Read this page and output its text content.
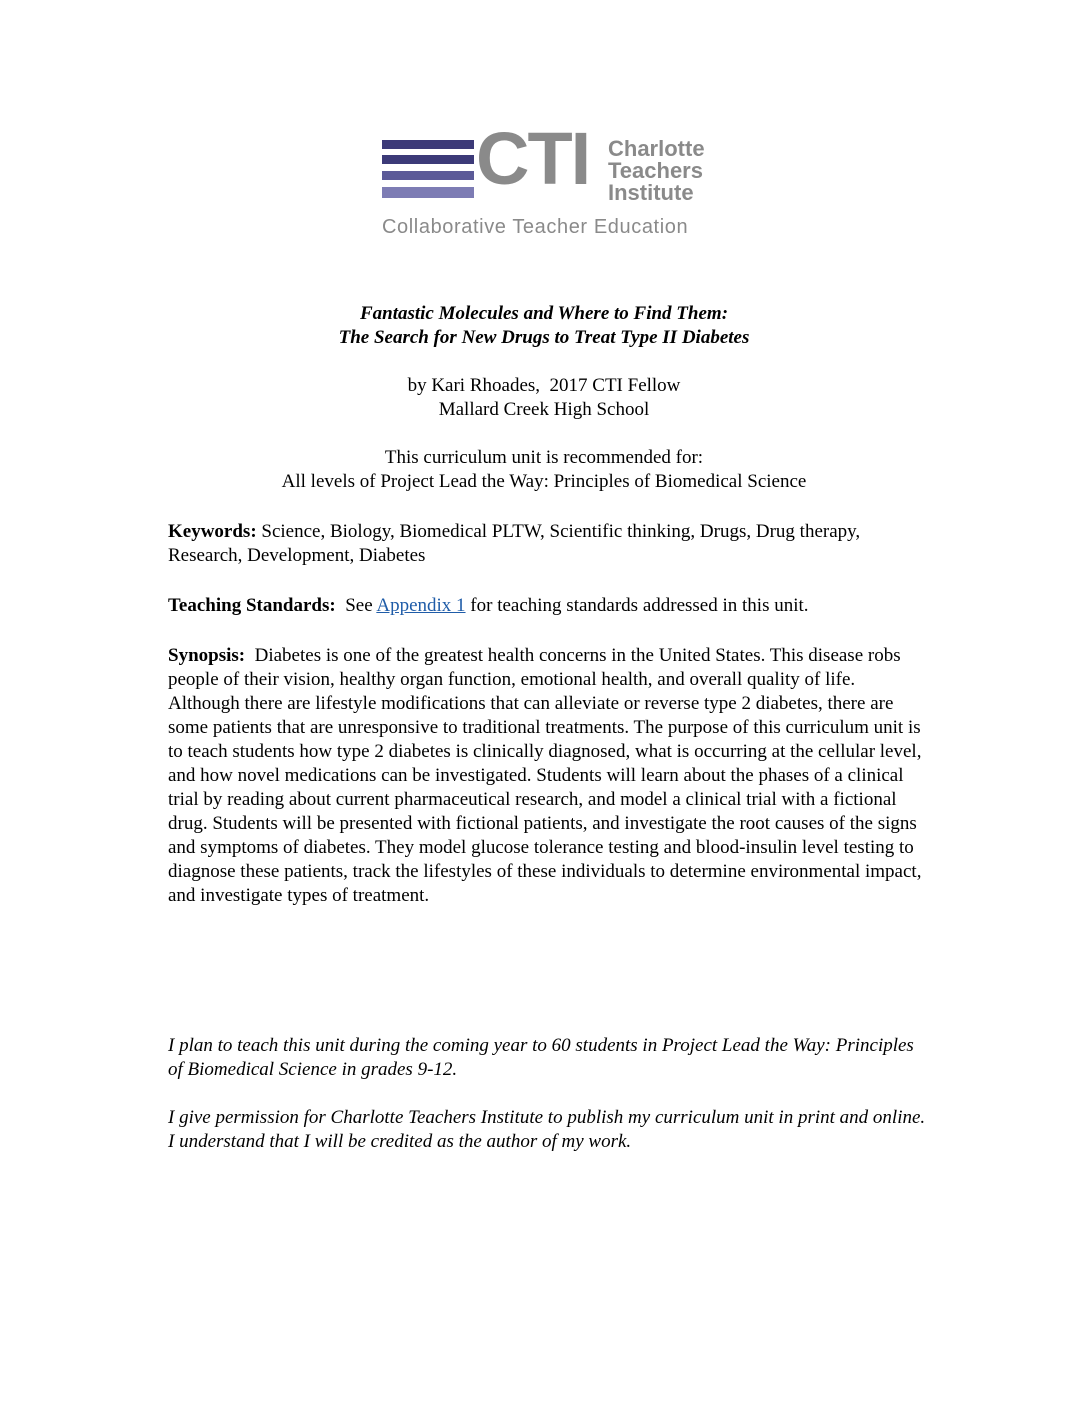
CTI Charlotte
Teachers
Institute
Collaborative Teacher Education
Fantastic Molecules and Where to Find Them:
The Search for New Drugs to Treat Type II Diabetes
by Kari Rhoades,  2017 CTI Fellow
Mallard Creek High School
This curriculum unit is recommended for:
All levels of Project Lead the Way: Principles of Biomedical Science
Keywords: Science, Biology, Biomedical PLTW, Scientific thinking, Drugs, Drug therapy, Research, Development, Diabetes
Teaching Standards:  See Appendix 1 for teaching standards addressed in this unit.
Synopsis:  Diabetes is one of the greatest health concerns in the United States. This disease robs people of their vision, healthy organ function, emotional health, and overall quality of life. Although there are lifestyle modifications that can alleviate or reverse type 2 diabetes, there are some patients that are unresponsive to traditional treatments. The purpose of this curriculum unit is to teach students how type 2 diabetes is clinically diagnosed, what is occurring at the cellular level, and how novel medications can be investigated. Students will learn about the phases of a clinical trial by reading about current pharmaceutical research, and model a clinical trial with a fictional drug. Students will be presented with fictional patients, and investigate the root causes of the signs and symptoms of diabetes. They model glucose tolerance testing and blood-insulin level testing to diagnose these patients, track the lifestyles of these individuals to determine environmental impact, and investigate types of treatment.
I plan to teach this unit during the coming year to 60 students in Project Lead the Way: Principles of Biomedical Science in grades 9-12.
I give permission for Charlotte Teachers Institute to publish my curriculum unit in print and online. I understand that I will be credited as the author of my work.
